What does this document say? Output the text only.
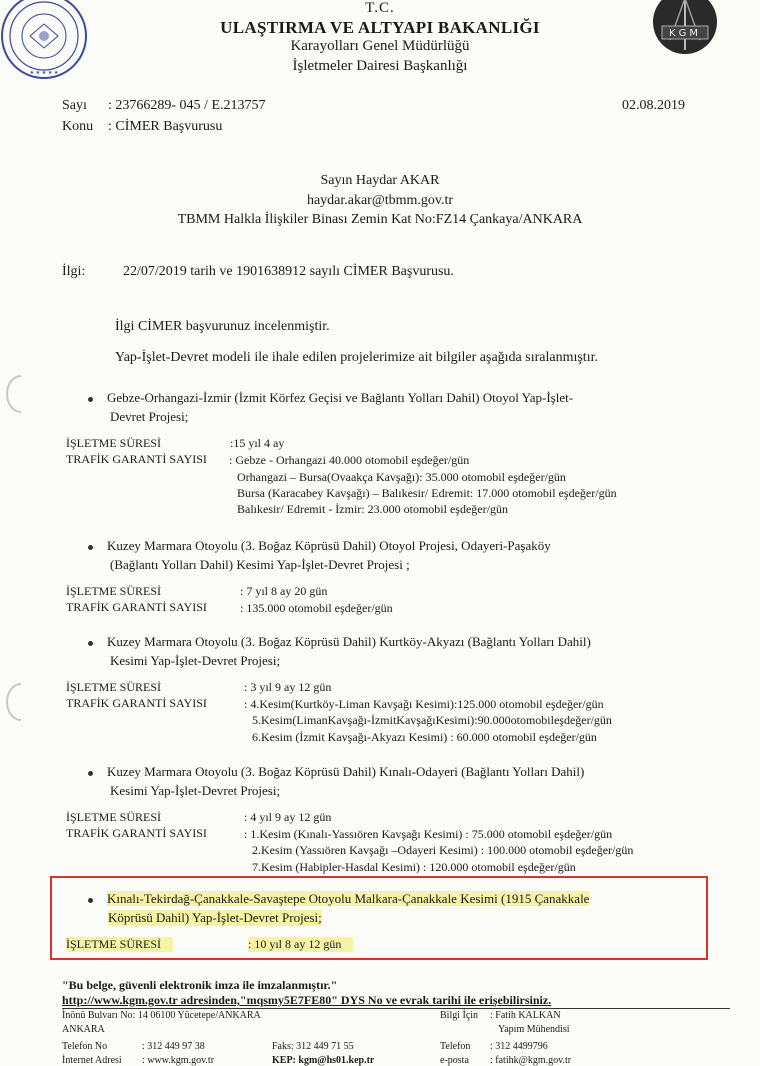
★ ★ ★ ★ ★
T.C.
ULAŞTIRMA VE ALTYAPI BAKANLIĞI
Karayolları Genel Müdürlüğü
İşletmeler Dairesi Başkanlığı
KGM
Sayı : 23766289- 045 / E.213757
Konu : CİMER Başvurusu
02.08.2019
Sayın Haydar AKAR
haydar.akar@tbmm.gov.tr
TBMM Halkla İlişkiler Binası Zemin Kat No:FZ14 Çankaya/ANKARA
İlgi:	22/07/2019 tarih ve 1901638912 sayılı CİMER Başvurusu.
İlgi CİMER başvurunuz incelenmiştir.
Yap-İşlet-Devret modeli ile ihale edilen projelerimize ait bilgiler aşağıda sıralanmıştır.
Gebze-Orhangazi-İzmir (İzmit Körfez Geçisi ve Bağlantı Yolları Dahil) Otoyol Yap-İşlet-
Devret Projesi;
İŞLETME SÜRESİ	:15 yıl 4 ay
TRAFİK GARANTİ SAYISI : Gebze - Orhangazi 40.000 otomobil eşdeğer/gün
Orhangazi – Bursa(Ovaakça Kavşağı): 35.000 otomobil eşdeğer/gün
Bursa (Karacabey Kavşağı) – Balıkesir/ Edremit: 17.000 otomobil eşdeğer/gün
Balıkesir/ Edremit - İzmir: 23.000 otomobil eşdeğer/gün
Kuzey Marmara Otoyolu (3. Boğaz Köprüsü Dahil) Otoyol Projesi, Odayeri-Paşaköy
(Bağlantı Yolları Dahil) Kesimi Yap-İşlet-Devret Projesi ;
İŞLETME SÜRESİ	: 7 yıl 8 ay 20 gün
TRAFİK GARANTİ SAYISI	: 135.000 otomobil eşdeğer/gün
Kuzey Marmara Otoyolu (3. Boğaz Köprüsü Dahil) Kurtköy-Akyazı (Bağlantı Yolları Dahil)
Kesimi Yap-İşlet-Devret Projesi;
İŞLETME SÜRESİ	: 3 yıl 9 ay 12 gün
TRAFİK GARANTİ SAYISI	: 4.Kesim(Kurtköy-Liman Kavşağı Kesimi):125.000 otomobil eşdeğer/gün
5.Kesim(LimanKavşağı-İzmitKavşağıKesimi):90.000otomobileşdeğer/gün
6.Kesim (İzmit Kavşağı-Akyazı Kesimi) : 60.000 otomobil eşdeğer/gün
Kuzey Marmara Otoyolu (3. Boğaz Köprüsü Dahil) Kınalı-Odayeri (Bağlantı Yolları Dahil)
Kesimi Yap-İşlet-Devret Projesi;
İŞLETME SÜRESİ	: 4 yıl 9 ay 12 gün
TRAFİK GARANTİ SAYISI	: 1.Kesim (Kınalı-Yassıören Kavşağı Kesimi) : 75.000 otomobil eşdeğer/gün
2.Kesim (Yassıören Kavşağı –Odayeri Kesimi) : 100.000 otomobil eşdeğer/gün
7.Kesim (Habipler-Hasdal Kesimi) : 120.000 otomobil eşdeğer/gün
Kınalı-Tekirdağ-Çanakkale-Savaştepe Otoyolu Malkara-Çanakkale Kesimi (1915 Çanakkale
Köprüsü Dahil) Yap-İşlet-Devret Projesi;
İŞLETME SÜRESİ	: 10 yıl 8 ay 12 gün
"Bu belge, güvenli elektronik imza ile imzalanmıştır."
http://www.kgm.gov.tr adresinden,"mqsmy5E7FE80" DYS No ve evrak tarihi ile erişebilirsiniz.
İnönü Bulvarı No: 14 06100 Yücetepe/ANKARA
ANKARA
Telefon No	: 312 449 97 38
İnternet Adresi : www.kgm.gov.tr
Faks: 312 449 71 55
KEP: kgm@hs01.kep.tr
Bilgi İçin : Fatih KALKAN
Yapım Mühendisi
Telefon : 312 4499796
e-posta : fatihk@kgm.gov.tr
